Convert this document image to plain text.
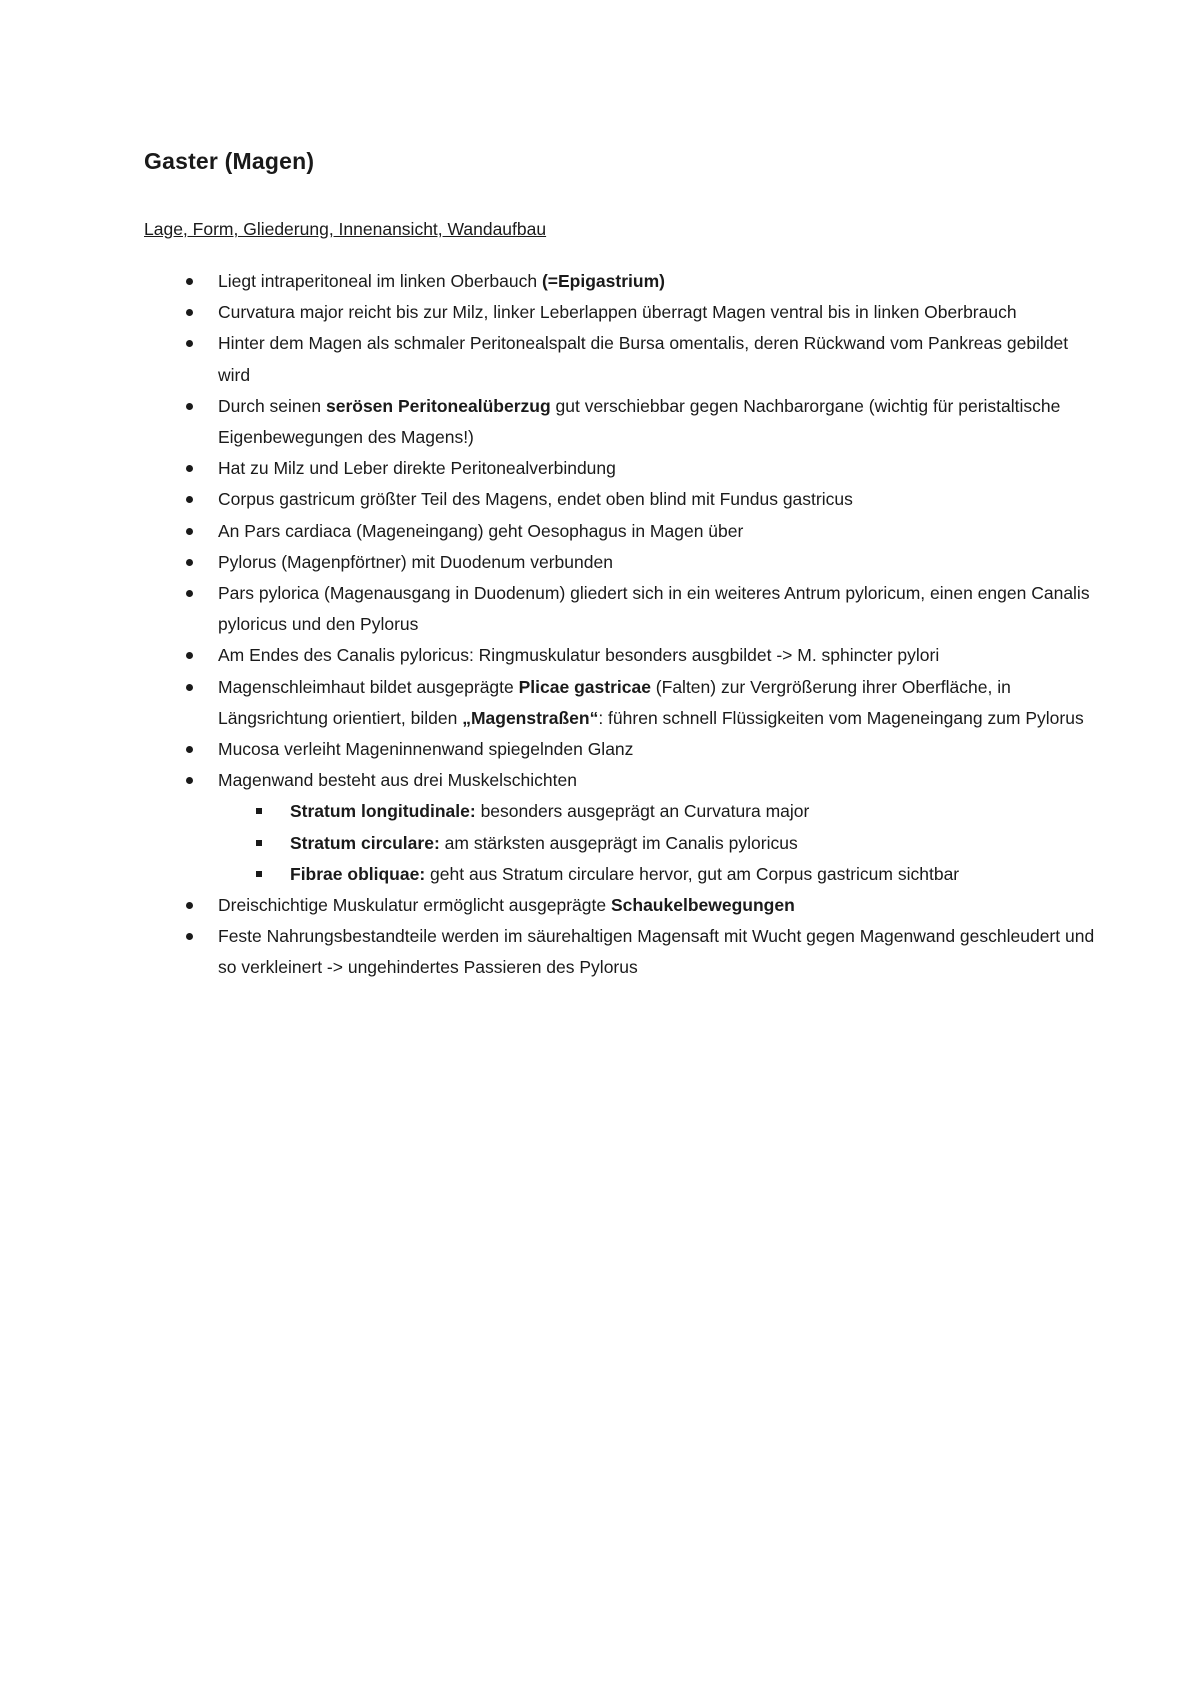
Gaster (Magen)

Lage, Form, Gliederung, Innenansicht, Wandaufbau

Liegt intraperitoneal im linken Oberbauch (=Epigastrium)
Curvatura major reicht bis zur Milz, linker Leberlappen überragt Magen ventral bis in linken Oberbrauch
Hinter dem Magen als schmaler Peritonealspalt die Bursa omentalis, deren Rückwand vom Pankreas gebildet wird
Durch seinen serösen Peritonealüberzug gut verschiebbar gegen Nachbarorgane (wichtig für peristaltische Eigenbewegungen des Magens!)
Hat zu Milz und Leber direkte Peritonealverbindung
Corpus gastricum größter Teil des Magens, endet oben blind mit Fundus gastricus
An Pars cardiaca (Mageneingang) geht Oesophagus in Magen über
Pylorus (Magenpförtner) mit Duodenum verbunden
Pars pylorica (Magenausgang in Duodenum) gliedert sich in ein weiteres Antrum pyloricum, einen engen Canalis pyloricus und den Pylorus
Am Endes des Canalis pyloricus: Ringmuskulatur besonders ausgbildet -> M. sphincter pylori
Magenschleimhaut bildet ausgeprägte Plicae gastricae (Falten) zur Vergrößerung ihrer Oberfläche, in Längsrichtung orientiert, bilden „Magenstraßen“: führen schnell Flüssigkeiten vom Mageneingang zum Pylorus
Mucosa verleiht Mageninnenwand spiegelnden Glanz
Magenwand besteht aus drei Muskelschichten
Stratum longitudinale: besonders ausgeprägt an Curvatura major
Stratum circulare: am stärksten ausgeprägt im Canalis pyloricus
Fibrae obliquae: geht aus Stratum circulare hervor, gut am Corpus gastricum sichtbar
Dreischichtige Muskulatur ermöglicht ausgeprägte Schaukelbewegungen
Feste Nahrungsbestandteile werden im säurehaltigen Magensaft mit Wucht gegen Magenwand geschleudert und so verkleinert -> ungehindertes Passieren des Pylorus
